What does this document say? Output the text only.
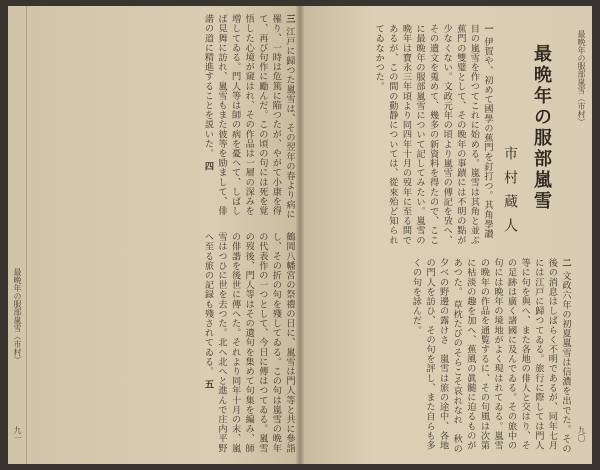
最晩年の服部嵐雪（市村）
九一
三 江戸に歸つた嵐雪は、その翌年の春より病に罹り、一時は危篤に陥つたが、やがて小康を得て、再び句作に勵んだ。この頃の句には死を覚悟した心境が窺はれ、その作品は一層の深みを増してゐる。門人等は師の病を憂へて、しばしば見舞に訪れ、嵐雪もまた彼等を励まして、俳諧の道に精進することを説いた。 四
鶴岡八幡宮の祭禮の日に、嵐雪は門人等と共に參詣し、その折の句を殘してゐる。この句は嵐雪の晩年の代表作の一つとして、今日に傳はつてゐる。嵐雪の歿後、門人等はその遺句を集めて句集を編み、師の俳諧を後世に傳へた。それより同年十月の末、嵐雪はつひに世を去つた。北へ北へと進んで庄内平野へ至る旅の記録も殘されてゐる。 五
最晩年の服部嵐雪（市村）
最晩年の服部嵐雪
市村蔵人
一 伊賀や、初めて國學の蕉門を釘打つ。其角學讃目の嵐雪を作つてこれに始める。嵐雪は其角と並ぶ蕉門の雙璧として、その晩年の事蹟には不明の點が少なくない。文政元年の頃より嵐雪の傳記を攷へ、その遺文を蒐めて、幾多の新資料を得たので、ここに最晩年の服部嵐雪について記してみたい。嵐雪の晩年は寶永三年頃より同四年十月の歿年に至る間であるが、この間の動静については、從來殆ど知られてゐなかつた。
二 文政六年の初夏嵐雪は信濃を出でた。その後の消息はしばらく不明であるが、同年七月には江戸に歸つてゐる。旅行に際しては門人等に句を與へ、また各地の俳人と交はり、その足跡は廣く諸國に及んでゐる。その旅中の句には晩年の境地がよく現はれてゐる。嵐雪の晩年の作品を通覧するに、その句風は次第に枯淡の趣を加へ、蕉風の眞髄に迫るものがあつた。 草枕たびのそらこそ哀れなれ　秋の夕べの野邊の露けさ　嵐雪は旅の途中、各地の門人を訪ひ、その句を評し、また自らも多くの句を詠んだ。
九〇
